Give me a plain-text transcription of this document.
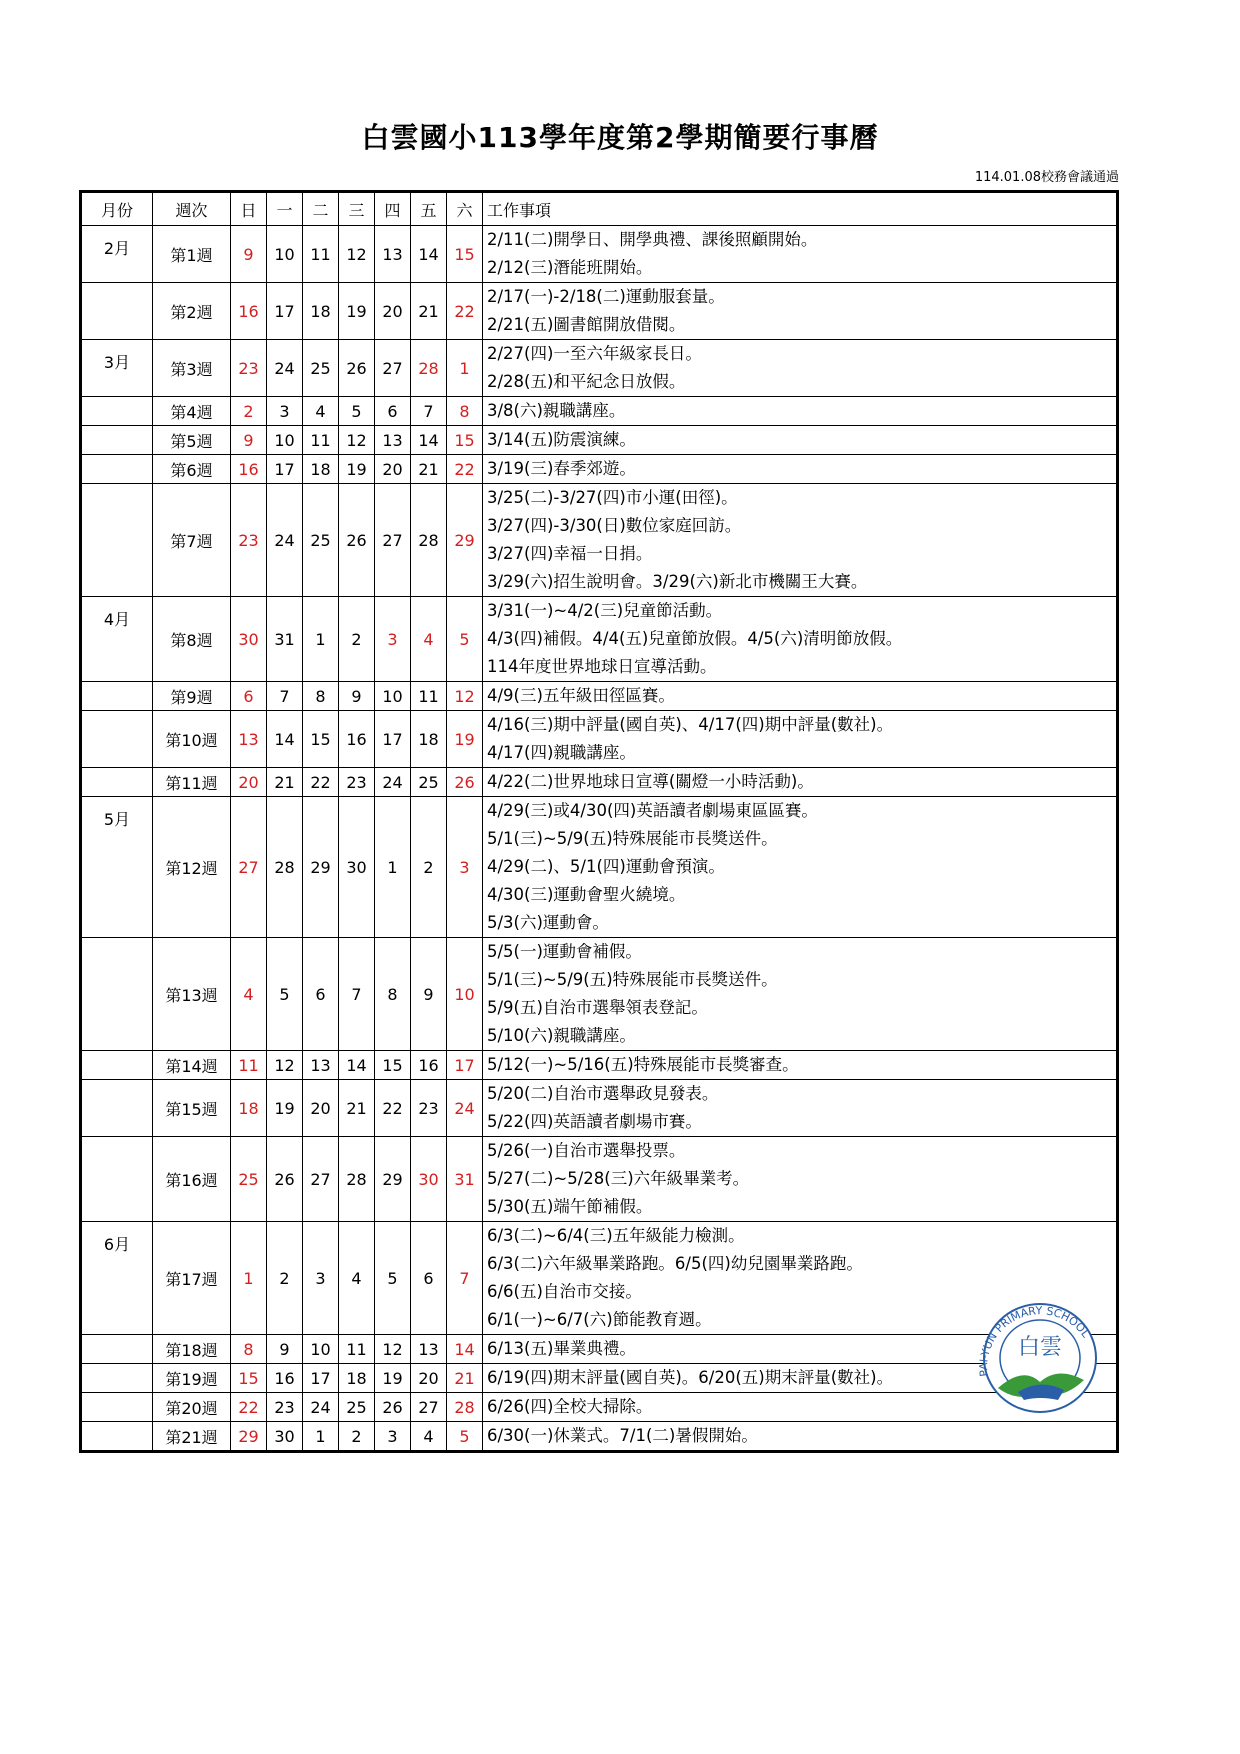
白雲國小113學年度第2學期簡要行事曆
114.01.08校務會議通過
月份	週次	日	一	二	三	四	五	六	工作事項
2月	第1週	9	10	11	12	13	14	15	2/11(二)開學日、開學典禮、課後照顧開始。
2/12(三)潛能班開始。

	第2週	16	17	18	19	20	21	22	2/17(一)-2/18(二)運動服套量。
2/21(五)圖書館開放借閱。

3月	第3週	23	24	25	26	27	28	1	2/27(四)一至六年級家長日。
2/28(五)和平紀念日放假。

	第4週	2	3	4	5	6	7	8	3/8(六)親職講座。

	第5週	9	10	11	12	13	14	15	3/14(五)防震演練。

	第6週	16	17	18	19	20	21	22	3/19(三)春季郊遊。

	第7週	23	24	25	26	27	28	29	3/25(二)-3/27(四)市小運(田徑)。
3/27(四)-3/30(日)數位家庭回訪。
3/27(四)幸福一日捐。
3/29(六)招生說明會。3/29(六)新北市機關王大賽。

4月	第8週	30	31	1	2	3	4	5	3/31(一)~4/2(三)兒童節活動。
4/3(四)補假。4/4(五)兒童節放假。4/5(六)清明節放假。
114年度世界地球日宣導活動。

	第9週	6	7	8	9	10	11	12	4/9(三)五年級田徑區賽。

	第10週	13	14	15	16	17	18	19	4/16(三)期中評量(國自英)、4/17(四)期中評量(數社)。
4/17(四)親職講座。

	第11週	20	21	22	23	24	25	26	4/22(二)世界地球日宣導(關燈一小時活動)。

5月	第12週	27	28	29	30	1	2	3	4/29(三)或4/30(四)英語讀者劇場東區區賽。
5/1(三)~5/9(五)特殊展能市長獎送件。
4/29(二)、5/1(四)運動會預演。
4/30(三)運動會聖火繞境。
5/3(六)運動會。

	第13週	4	5	6	7	8	9	10	5/5(一)運動會補假。
5/1(三)~5/9(五)特殊展能市長獎送件。
5/9(五)自治市選舉領表登記。
5/10(六)親職講座。

	第14週	11	12	13	14	15	16	17	5/12(一)~5/16(五)特殊展能市長獎審查。

	第15週	18	19	20	21	22	23	24	5/20(二)自治市選舉政見發表。
5/22(四)英語讀者劇場市賽。

	第16週	25	26	27	28	29	30	31	5/26(一)自治市選舉投票。
5/27(二)~5/28(三)六年級畢業考。
5/30(五)端午節補假。

6月	第17週	1	2	3	4	5	6	7	6/3(二)~6/4(三)五年級能力檢測。
6/3(二)六年級畢業路跑。6/5(四)幼兒園畢業路跑。
6/6(五)自治市交接。
6/1(一)~6/7(六)節能教育週。

	第18週	8	9	10	11	12	13	14	6/13(五)畢業典禮。

	第19週	15	16	17	18	19	20	21	6/19(四)期末評量(國自英)。6/20(五)期末評量(數社)。

	第20週	22	23	24	25	26	27	28	6/26(四)全校大掃除。

	第21週	29	30	1	2	3	4	5	6/30(一)休業式。7/1(二)暑假開始。
PAI-YUN PRIMARY SCHOOL
白雲
